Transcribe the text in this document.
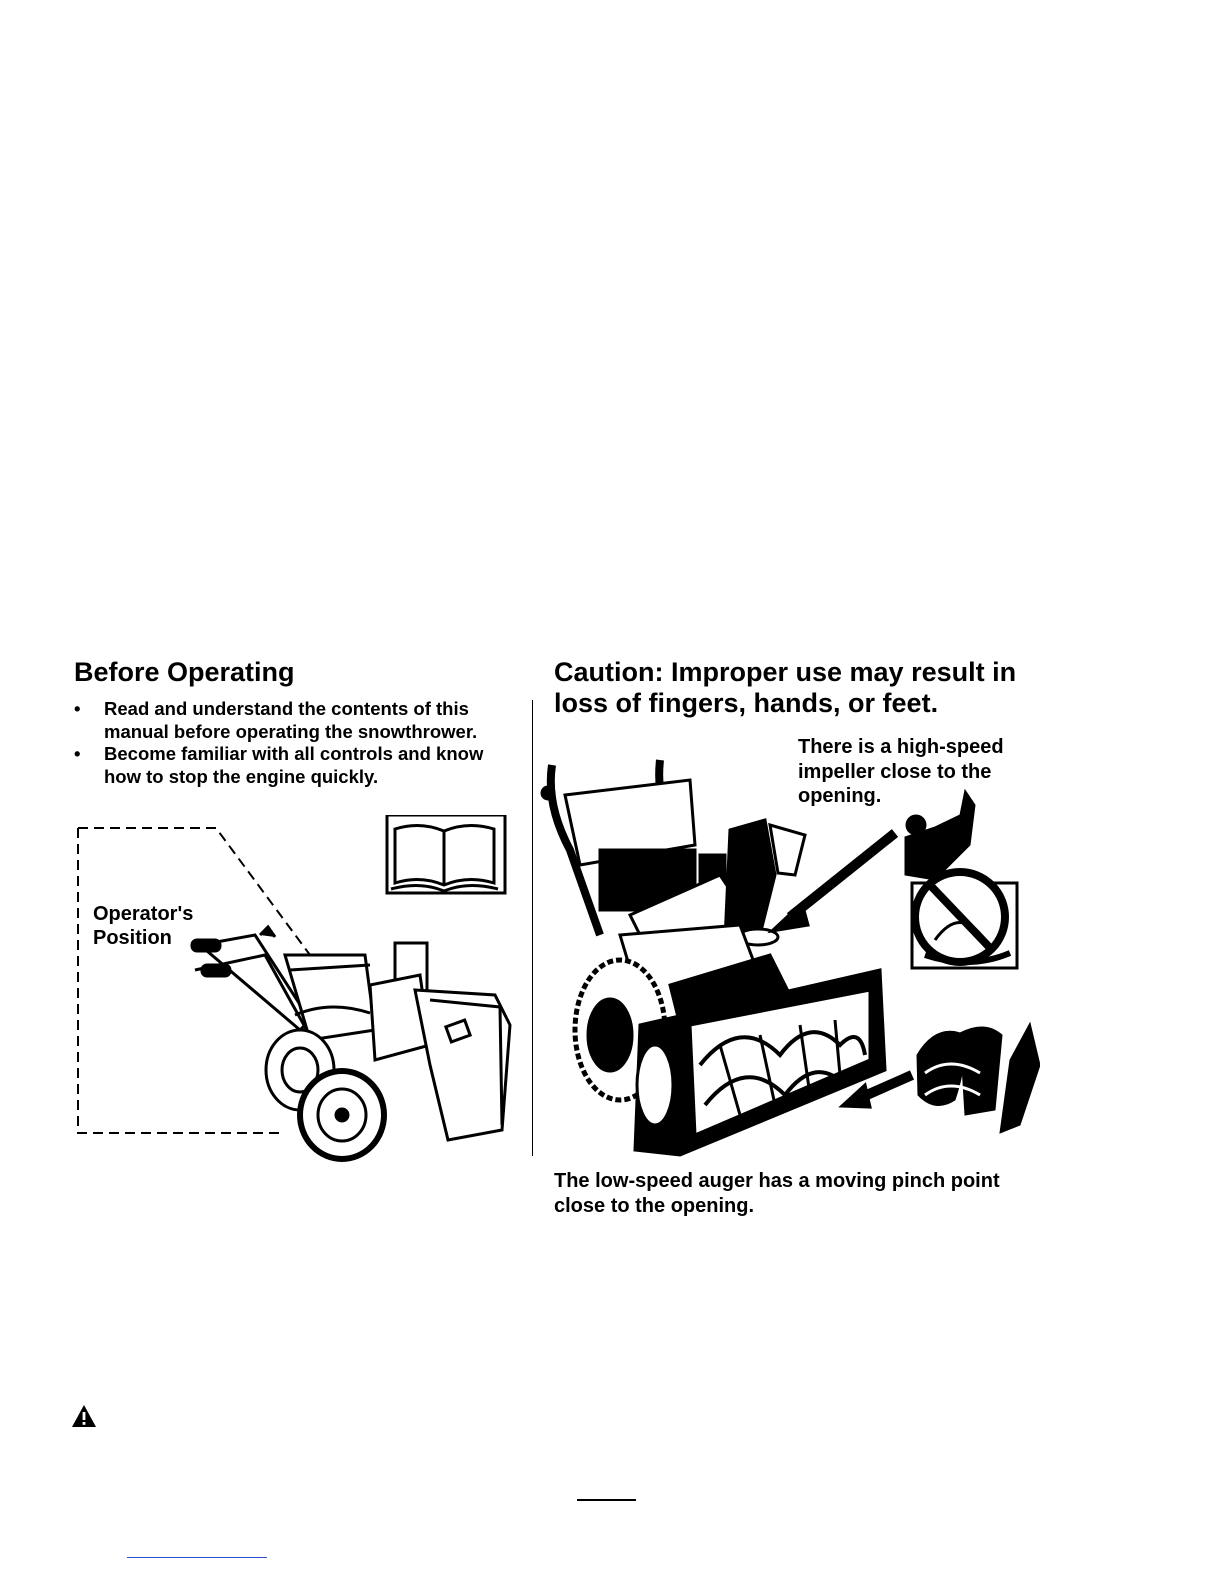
Before Operating
• Read and understand the contents of this manual before operating the snowthrower.
• Become familiar with all controls and know how to stop the engine quickly.
Operator's Position
Caution: Improper use may result in loss of fingers, hands, or feet.
There is a high-speed impeller close to the opening.
The low-speed auger has a moving pinch point close to the opening.
